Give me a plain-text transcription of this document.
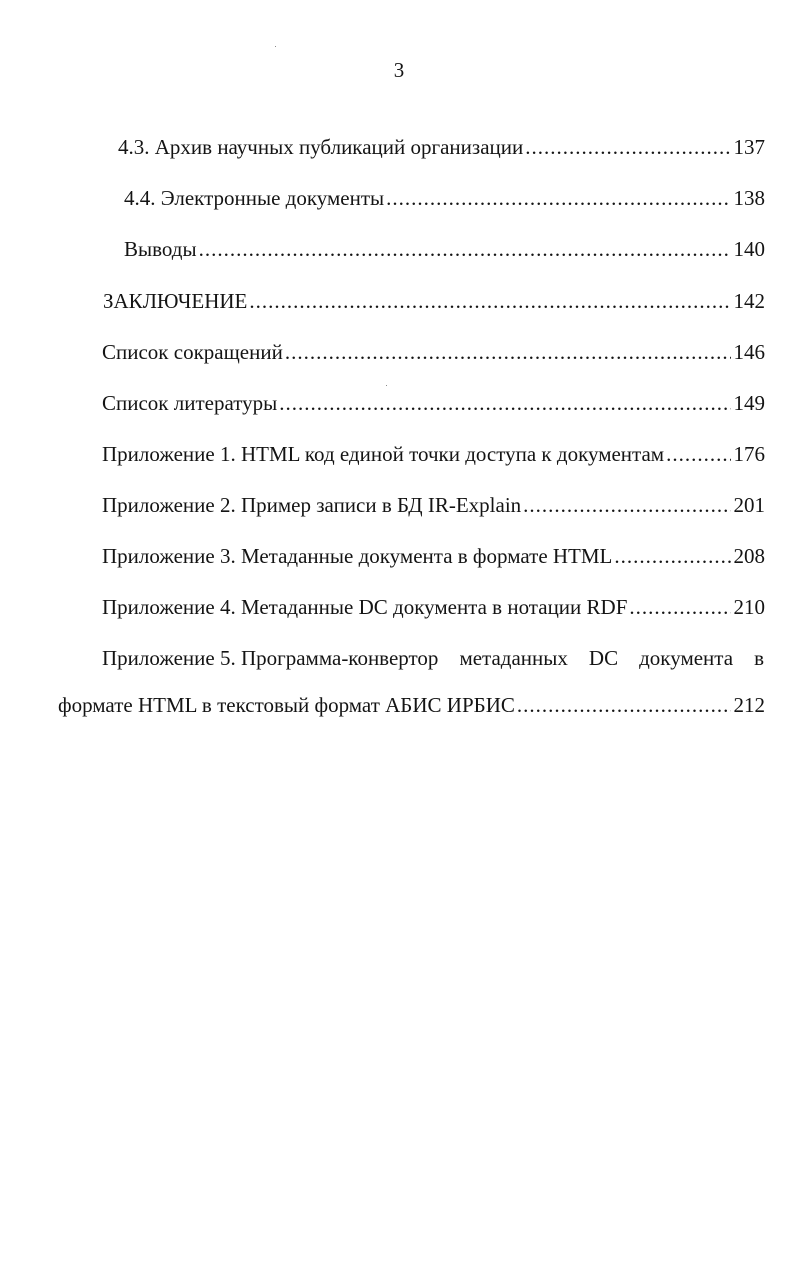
3
4.3. Архив научных публикаций организации .....	137
4.4. Электронные документы .....	138
Выводы .....	140
ЗАКЛЮЧЕНИЕ .....	142
Список сокращений .....	146
Список литературы .....	149
Приложение 1. HTML код единой точки доступа к документам .....	176
Приложение 2. Пример записи в БД IR-Explain .....	201
Приложение 3. Метаданные документа в формате HTML .....	208
Приложение 4. Метаданные DC документа в нотации RDF .....	210
Приложение 5. Программа-конвертор метаданных DC документа в
формате HTML в текстовый формат АБИС ИРБИС .....	212
